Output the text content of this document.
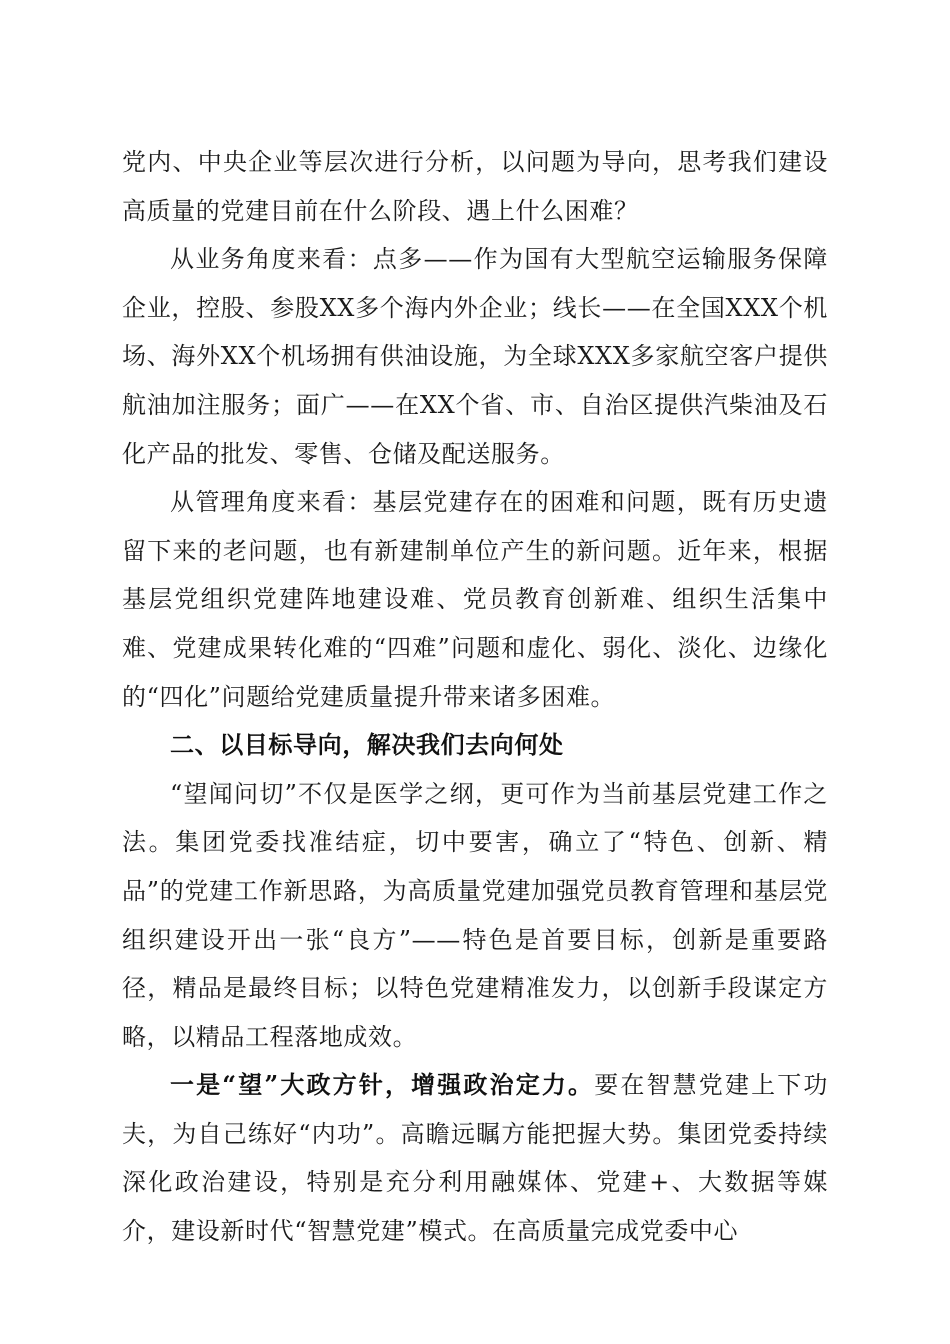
党内、中央企业等层次进行分析，以问题为导向，思考我们建设高质量的党建目前在什么阶段、遇上什么困难？

从业务角度来看：点多——作为国有大型航空运输服务保障企业，控股、参股XX多个海内外企业；线长——在全国XXX个机场、海外XX个机场拥有供油设施，为全球XXX多家航空客户提供航油加注服务；面广——在XX个省、市、自治区提供汽柴油及石化产品的批发、零售、仓储及配送服务。

从管理角度来看：基层党建存在的困难和问题，既有历史遗留下来的老问题，也有新建制单位产生的新问题。近年来，根据基层党组织党建阵地建设难、党员教育创新难、组织生活集中难、党建成果转化难的“四难”问题和虚化、弱化、淡化、边缘化的“四化”问题给党建质量提升带来诸多困难。

二、以目标导向，解决我们去向何处

“望闻问切”不仅是医学之纲，更可作为当前基层党建工作之法。集团党委找准结症，切中要害，确立了“特色、创新、精品”的党建工作新思路，为高质量党建加强党员教育管理和基层党组织建设开出一张“良方”——特色是首要目标，创新是重要路径，精品是最终目标；以特色党建精准发力，以创新手段谋定方略，以精品工程落地成效。

一是“望”大政方针，增强政治定力。要在智慧党建上下功夫，为自己练好“内功”。高瞻远瞩方能把握大势。集团党委持续深化政治建设，特别是充分利用融媒体、党建+、大数据等媒介，建设新时代“智慧党建”模式。在高质量完成党委中心
